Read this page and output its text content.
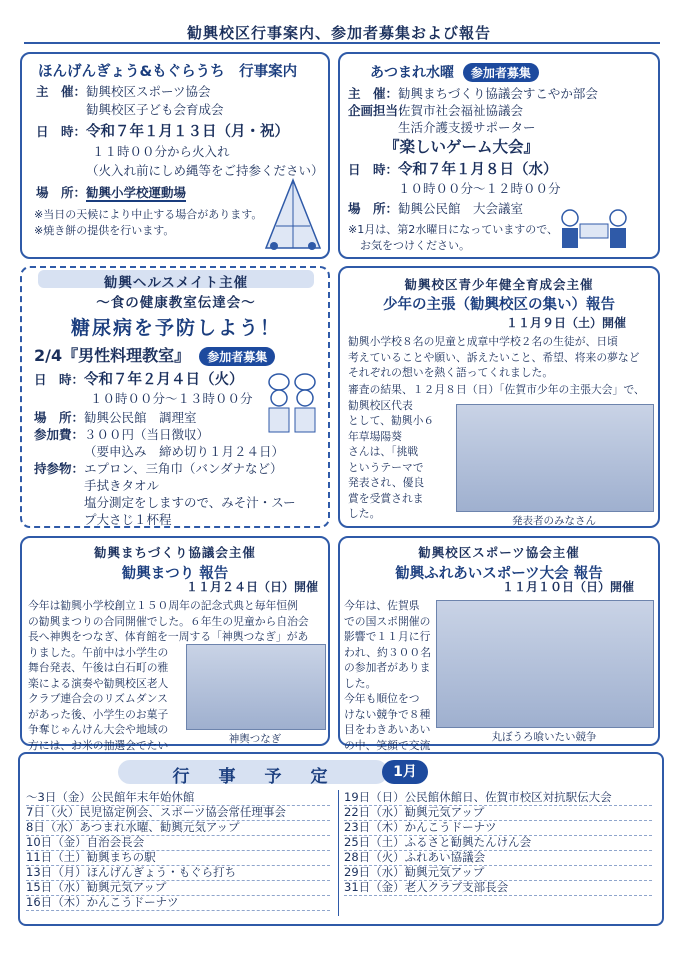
勧興校区行事案内、参加者募集および報告
ほんげんぎょう&もぐらうち　行事案内
主　催：勧興校区スポーツ協会
勧興校区子ども会育成会
日　時：令和７年１月１３日（月・祝）
１１時００分から火入れ
（火入れ前にしめ縄等をご持参ください）
場　所：勧興小学校運動場
※当日の天候により中止する場合があります。
※焼き餅の提供を行います。
あつまれ水曜 参加者募集
主　催：勧興まちづくり協議会すこやか部会
企画担当：佐賀市社会福祉協議会
生活介護支援サポーター
『楽しいゲーム大会』
日　時：令和７年１月８日（水）
１０時００分～１２時００分
場　所：勧興公民館　大会議室
※1月は、第2水曜日になっていますので、
お気をつけください。
勧興ヘルスメイト主催
～食の健康教室伝達会～
糖尿病を予防しよう！
2/4『男性料理教室』 参加者募集
日　時：令和７年２月４日（火）
１０時００分～１３時００分
場　所：勧興公民館　調理室
参加費：３００円（当日徴収）
（要申込み　締め切り１月２４日）
持参物：エプロン、三角巾（バンダナなど）
手拭きタオル
塩分測定をしますので、みそ汁・スー
プ大さじ１杯程
勧興校区青少年健全育成会主催
少年の主張（勧興校区の集い）報告
１１月９日（土）開催
勧興小学校８名の児童と成章中学校２名の生徒が、日頃
考えていることや願い、訴えたいこと、希望、将来の夢など
それぞれの想いを熱く語ってくれました。
審査の結果、１２月８日（日）「佐賀市少年の主張大会」で、
勧興校区代表
として、勧興小６
年草場陽葵
さんは、「挑戦
というテーマで
発表され、優良
賞を受賞されま
した。
発表者のみなさん
勧興まちづくり協議会主催
勧興まつり 報告
１１月２４日（日）開催
今年は勧興小学校創立１５０周年の記念式典と毎年恒例
の勧興まつりの合同開催でした。６年生の児童から自治会
長へ神輿をつなぎ、体育館を一周する「神輿つなぎ」があ
りました。午前中は小学生の
舞台発表、午後は白石町の雅
楽による演奏や勧興校区老人
クラブ連合会のリズムダンス
があった後、小学生のお菓子
争奪じゃんけん大会や地域の
方には、お米の抽選会でたい	神輿つなぎ
勧興校区スポーツ協会主催
勧興ふれあいスポーツ大会 報告
１１月１０日（日）開催
今年は、佐賀県
での国スポ開催の
影響で１１月に行
われ、約３００名
の参加者がありま
した。
今年も順位をつ
けない競争で８種
目をわきあいあい
の中、笑顔で交流
丸ぼうろ喰いたい競争
行　事　予　定	1月
～3日（金）公民館年末年始休館
7日（火）民児協定例会、スポーツ協会常任理事会
8日（水）あつまれ水曜、勧興元気アップ
10日（金）自治会長会
11日（土）勧興まちの駅
13日（月）ほんげんぎょう・もぐら打ち
15日（水）勧興元気アップ
16日（木）かんこうドーナツ
19日（日）公民館休館日、佐賀市校区対抗駅伝大会
22日（水）勧興元気アップ
23日（木）かんこうドーナツ
25日（土）ふるさと勧興たんけん会
28日（火）ふれあい協議会
29日（水）勧興元気アップ
31日（金）老人クラブ支部長会
